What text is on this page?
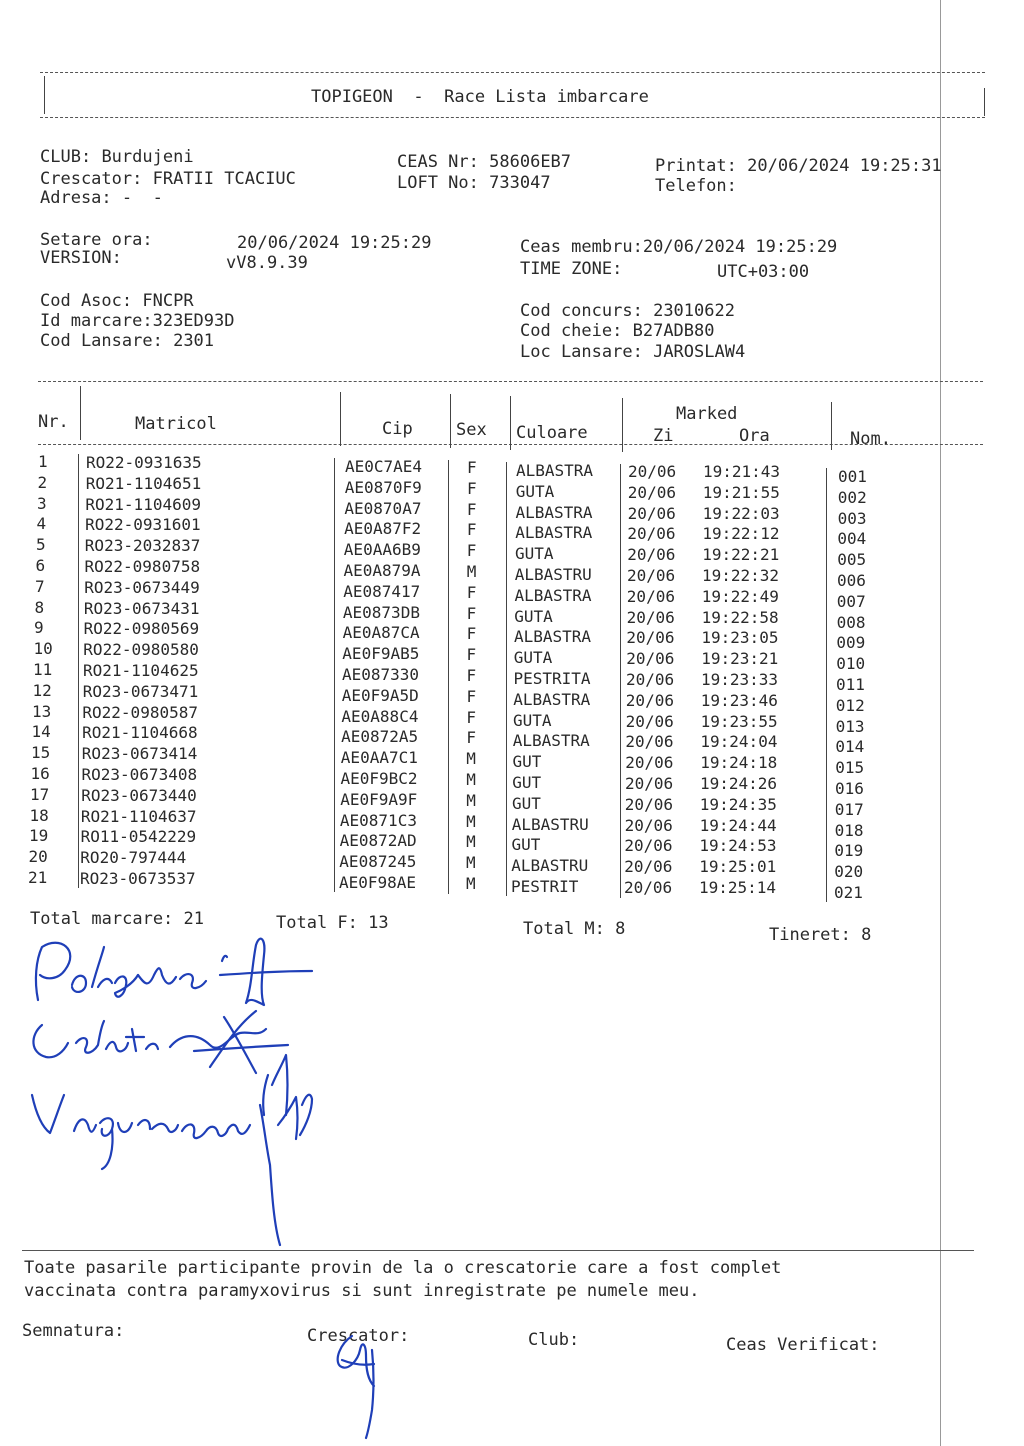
TOPIGEON - Race Lista imbarcare
CLUB: Burdujeni
Crescator: FRATII TCACIUC
Adresa: -  -
CEAS Nr: 58606EB7
LOFT No: 733047
Printat: 20/06/2024 19:25:31
Telefon:
Setare ora:	20/06/2024 19:25:29
VERSION:	vV8.9.39
Ceas membru:20/06/2024 19:25:29
TIME ZONE:	UTC+03:00
Cod Asoc: FNCPR
Id marcare:323ED93D
Cod Lansare: 2301
Cod concurs: 23010622
Cod cheie: B27ADB80
Loc Lansare: JAROSLAW4
Nr.	Matricol	Cip	Sex Culoare
Marked
Zi	Ora	Nom.
1 RO22-0931635	AE0C7AE4	F ALBASTRA 20/06 19:21:43	001
2 RO21-1104651	AE0870F9	F GUTA	20/06 19:21:55	002
3 RO21-1104609	AE0870A7	F ALBASTRA 20/06 19:22:03	003
4 RO22-0931601	AE0A87F2	F ALBASTRA 20/06 19:22:12	004
5 RO23-2032837	AE0AA6B9	F GUTA	20/06 19:22:21	005
6 RO22-0980758	AE0A879A	M ALBASTRU 20/06 19:22:32	006
7 RO23-0673449	AE087417	F ALBASTRA 20/06 19:22:49	007
8 RO23-0673431	AE0873DB	F GUTA	20/06 19:22:58	008
9 RO22-0980569	AE0A87CA	F ALBASTRA 20/06 19:23:05	009
10 RO22-0980580	AE0F9AB5	F GUTA	20/06 19:23:21	010
11 RO21-1104625	AE087330	F PESTRITA 20/06 19:23:33	011
12 RO23-0673471	AE0F9A5D	F ALBASTRA 20/06 19:23:46	012
13 RO22-0980587	AE0A88C4	F GUTA	20/06 19:23:55	013
14 RO21-1104668	AE0872A5	F ALBASTRA 20/06 19:24:04	014
15 RO23-0673414	AE0AA7C1	M GUT	20/06 19:24:18	015
16 RO23-0673408	AE0F9BC2	M GUT	20/06 19:24:26	016
17 RO23-0673440	AE0F9A9F	M GUT	20/06 19:24:35	017
18 RO21-1104637	AE0871C3	M ALBASTRU 20/06 19:24:44	018
19 RO11-0542229	AE0872AD	M GUT	20/06 19:24:53	019
20 RO20-797444	AE087245	M ALBASTRU 20/06 19:25:01	020
21 RO23-0673537	AE0F98AE	M PESTRIT	20/06 19:25:14	021
Total marcare: 21	Total F: 13	Total M: 8	Tineret: 8
Toate pasarile participante provin de la o crescatorie care a fost complet
vaccinata contra paramyxovirus si sunt inregistrate pe numele meu.
Semnatura:	Crescator:	Club:	Ceas Verificat:
